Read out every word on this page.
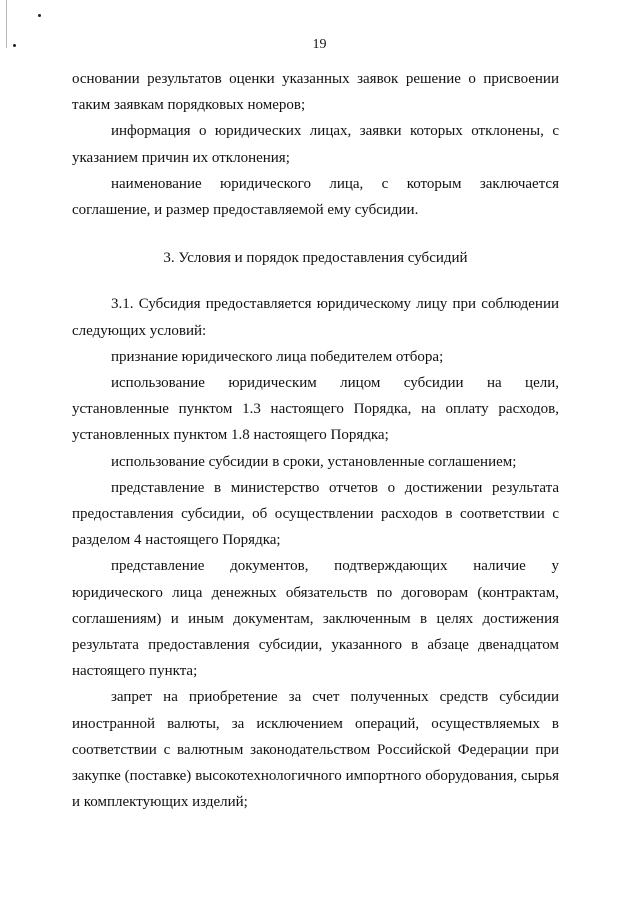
19

основании результатов оценки указанных заявок решение о присвоении таким заявкам порядковых номеров;

информация о юридических лицах, заявки которых отклонены, с указанием причин их отклонения;

наименование юридического лица, с которым заключается соглашение, и размер предоставляемой ему субсидии.

3. Условия и порядок предоставления субсидий

3.1. Субсидия предоставляется юридическому лицу при соблюдении следующих условий:

признание юридического лица победителем отбора;

использование юридическим лицом субсидии на цели, установленные пунктом 1.3 настоящего Порядка, на оплату расходов, установленных пунктом 1.8 настоящего Порядка;

использование субсидии в сроки, установленные соглашением;

представление в министерство отчетов о достижении результата предоставления субсидии, об осуществлении расходов в соответствии с разделом 4 настоящего Порядка;

представление документов, подтверждающих наличие у юридического лица денежных обязательств по договорам (контрактам, соглашениям) и иным документам, заключенным в целях достижения результата предоставления субсидии, указанного в абзаце двенадцатом настоящего пункта;

запрет на приобретение за счет полученных средств субсидии иностранной валюты, за исключением операций, осуществляемых в соответствии с валютным законодательством Российской Федерации при закупке (поставке) высокотехнологичного импортного оборудования, сырья и комплектующих изделий;
